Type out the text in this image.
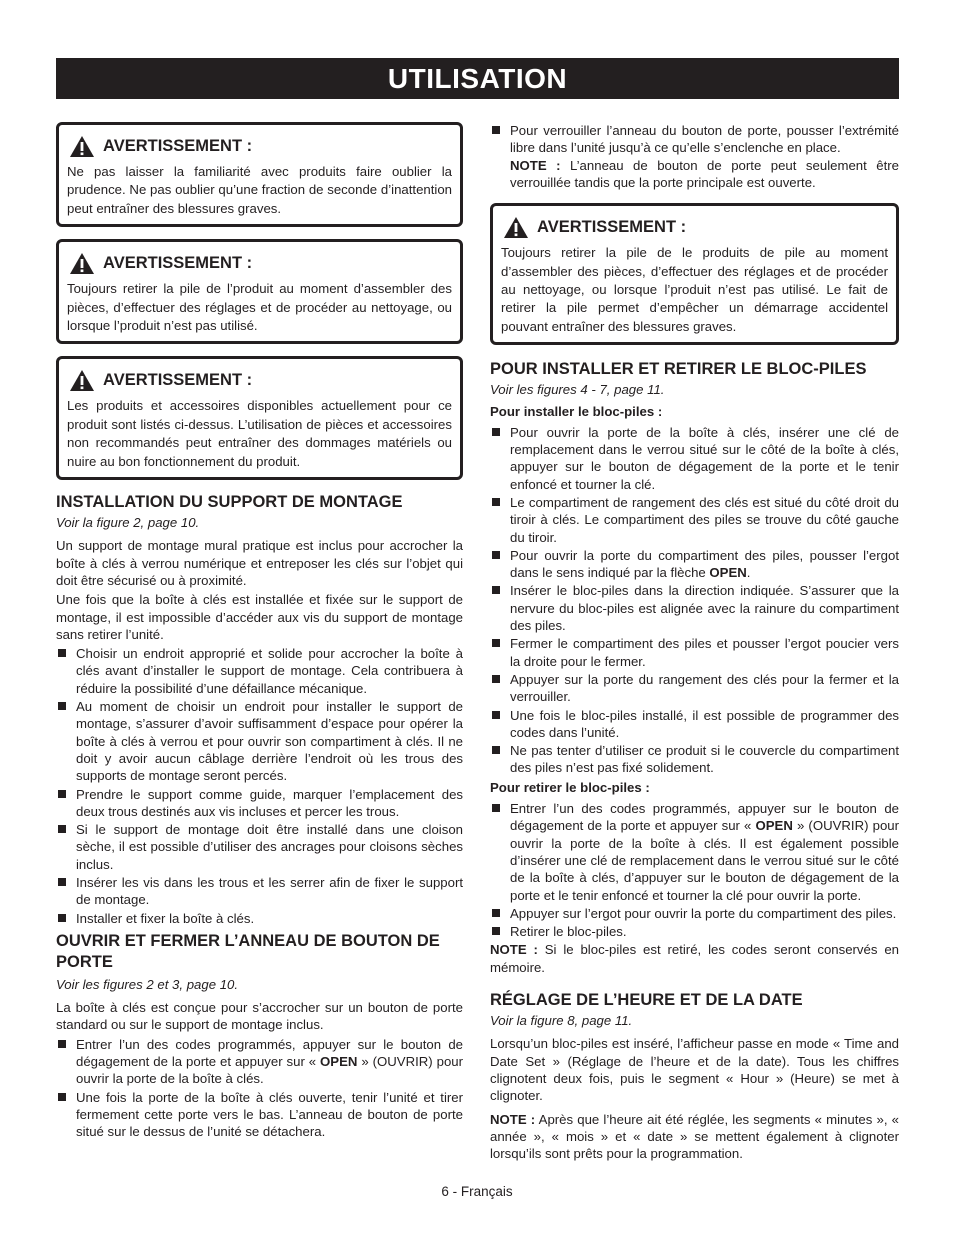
UTILISATION
AVERTISSEMENT :
Ne pas laisser la familiarité avec produits faire oublier la prudence. Ne pas oublier qu’une fraction de seconde d’inattention peut entraîner des blessures graves.
AVERTISSEMENT :
Toujours retirer la pile de l’produit au moment d’assembler des pièces, d’effectuer des réglages et de procéder au nettoyage, ou lorsque l’produit n’est pas utilisé.
AVERTISSEMENT :
Les produits et accessoires disponibles actuellement pour ce produit sont listés ci-dessus. L’utilisation de pièces et accessoires non recommandés peut entraîner des dommages matériels ou nuire au bon fonctionnement du produit.
INSTALLATION DU SUPPORT DE MONTAGE
Voir la figure 2, page 10.

Un support de montage mural pratique est inclus pour accrocher la boîte à clés à verrou numérique et entreposer les clés sur l’objet qui doit être sécurisé ou à proximité.

Une fois que la boîte à clés est installée et fixée sur le support de montage, il est impossible d’accéder aux vis du support de montage sans retirer l’unité.

Choisir un endroit approprié et solide pour accrocher la boîte à clés avant d’installer le support de montage. Cela contribuera à réduire la possibilité d’une défaillance mécanique.
Au moment de choisir un endroit pour installer le support de montage, s’assurer d’avoir suffisamment d’espace pour opérer la boîte à clés à verrou et pour ouvrir son compartiment à clés. Il ne doit y avoir aucun câblage derrière l’endroit où les trous des supports de montage seront percés.
Prendre le support comme guide, marquer l’emplacement des deux trous destinés aux vis incluses et percer les trous.
Si le support de montage doit être installé dans une cloison sèche, il est possible d’utiliser des ancrages pour cloisons sèches inclus.
Insérer les vis dans les trous et les serrer afin de fixer le support de montage.
Installer et fixer la boîte à clés.
OUVRIR ET FERMER L’ANNEAU DE BOUTON DE PORTE
Voir les figures 2 et 3, page 10.

La boîte à clés est conçue pour s’accrocher sur un bouton de porte standard ou sur le support de montage inclus.

Entrer l’un des codes programmés, appuyer sur le bouton de dégagement de la porte et appuyer sur « OPEN » (OUVRIR) pour ouvrir la porte de la boîte à clés.
Une fois la porte de la boîte à clés ouverte, tenir l’unité et tirer fermement cette porte vers le bas. L’anneau de bouton de porte situé sur le dessus de l’unité se détachera.
Pour verrouiller l’anneau du bouton de porte, pousser l’extrémité libre dans l’unité jusqu’à ce qu’elle s’enclenche en place.
NOTE : L’anneau de bouton de porte peut seulement être verrouillée tandis que la porte principale est ouverte.
AVERTISSEMENT :
Toujours retirer la pile de le produits de pile au moment d’assembler des pièces, d’effectuer des réglages et de procéder au nettoyage, ou lorsque l’produit n’est pas utilisé. Le fait de retirer la pile permet d’empêcher un démarrage accidentel pouvant entraîner des blessures graves.
POUR INSTALLER ET RETIRER LE BLOC-PILES
Voir les figures 4 - 7, page 11.
Pour installer le bloc-piles :
Pour ouvrir la porte de la boîte à clés, insérer une clé de remplacement dans le verrou situé sur le côté de la boîte à clés, appuyer sur le bouton de dégagement de la porte et le tenir enfoncé et tourner la clé.
Le compartiment de rangement des clés est situé du côté droit du tiroir à clés. Le compartiment des piles se trouve du côté gauche du tiroir.
Pour ouvrir la porte du compartiment des piles, pousser l’ergot dans le sens indiqué par la flèche OPEN.
Insérer le bloc-piles dans la direction indiquée. S’assurer que la nervure du bloc-piles est alignée avec la rainure du compartiment des piles.
Fermer le compartiment des piles et pousser l’ergot poucier vers la droite pour le fermer.
Appuyer sur la porte du rangement des clés pour la fermer et la verrouiller.
Une fois le bloc-piles installé, il est possible de programmer des codes dans l’unité.
Ne pas tenter d’utiliser ce produit si le couvercle du compartiment des piles n’est pas fixé solidement.
Pour retirer le bloc-piles :
Entrer l’un des codes programmés, appuyer sur le bouton de dégagement de la porte et appuyer sur « OPEN » (OUVRIR) pour ouvrir la porte de la boîte à clés. Il est également possible d’insérer une clé de remplacement dans le verrou situé sur le côté de la boîte à clés, d’appuyer sur le bouton de dégagement de la porte et le tenir enfoncé et tourner la clé pour ouvrir la porte.
Appuyer sur l’ergot pour ouvrir la porte du compartiment des piles.
Retirer le bloc-piles.

NOTE : Si le bloc-piles est retiré, les codes seront conservés en mémoire.

RÉGLAGE DE L’HEURE ET DE LA DATE
Voir la figure 8, page 11.

Lorsqu’un bloc-piles est inséré, l’afficheur passe en mode « Time and Date Set » (Réglage de l’heure et de la date). Tous les chiffres clignotent deux fois, puis le segment « Hour » (Heure) se met à clignoter.

NOTE : Après que l’heure ait été réglée, les segments « minutes », « année », « mois » et « date » se mettent également à clignoter lorsqu’ils sont prêts pour la programmation.

6 - Français
